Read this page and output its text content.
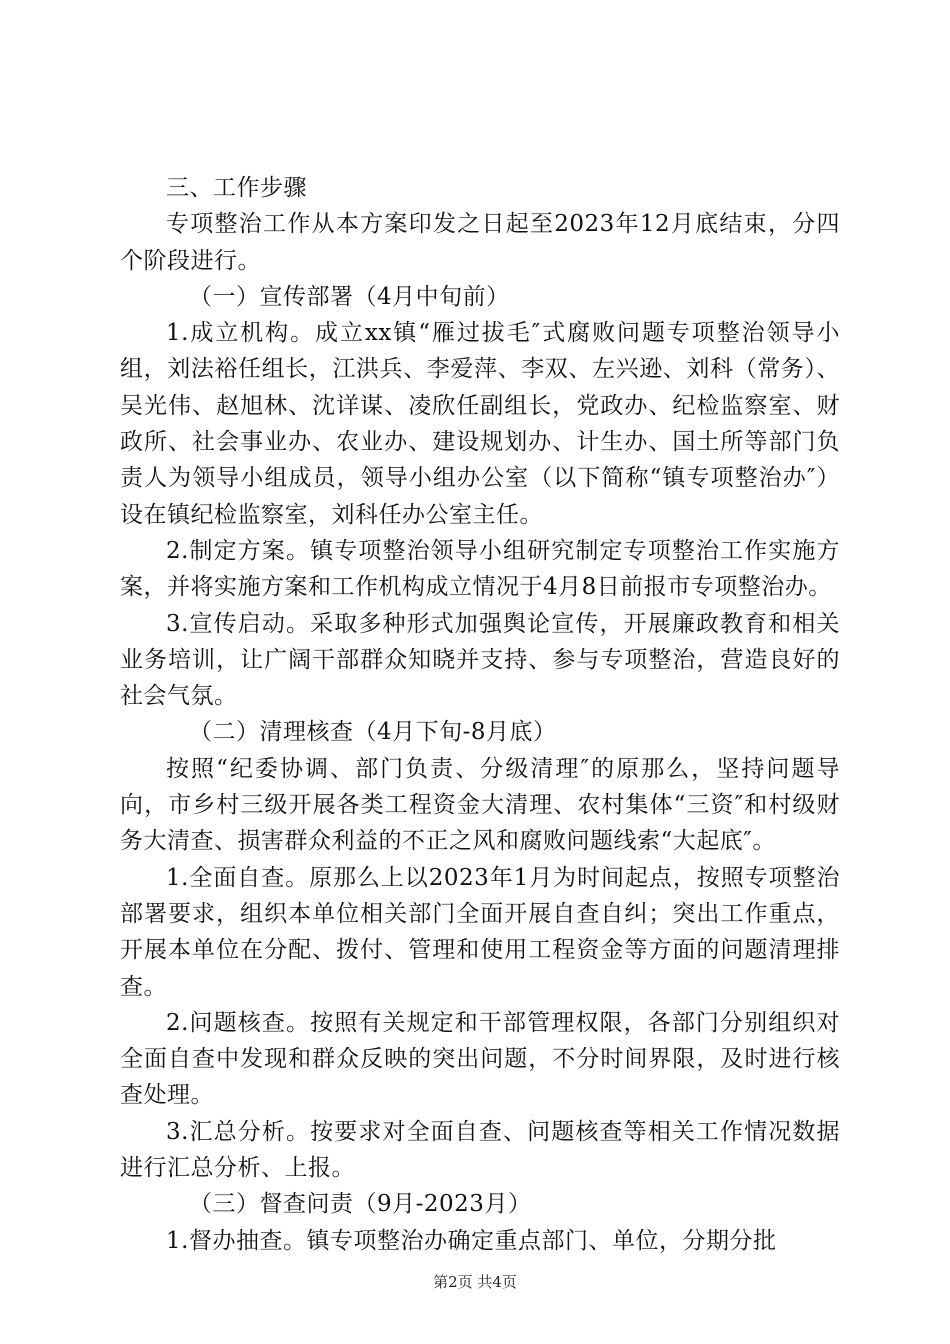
三、工作步骤

专项整治工作从本方案印发之日起至2023年12月底结束，分四个阶段进行。

（一）宣传部署（4月中旬前）

1.成立机构。成立xx镇“雁过拔毛″式腐败问题专项整治领导小组，刘法裕任组长，江洪兵、李爱萍、李双、左兴逊、刘科（常务）、吴光伟、赵旭林、沈详谋、凌欣任副组长，党政办、纪检监察室、财政所、社会事业办、农业办、建设规划办、计生办、国土所等部门负责人为领导小组成员，领导小组办公室（以下简称“镇专项整治办″）设在镇纪检监察室，刘科任办公室主任。

2.制定方案。镇专项整治领导小组研究制定专项整治工作实施方案，并将实施方案和工作机构成立情况于4月8日前报市专项整治办。

3.宣传启动。采取多种形式加强舆论宣传，开展廉政教育和相关业务培训，让广阔干部群众知晓并支持、参与专项整治，营造良好的社会气氛。

（二）清理核查（4月下旬-8月底）

按照“纪委协调、部门负责、分级清理″的原那么，坚持问题导向，市乡村三级开展各类工程资金大清理、农村集体“三资″和村级财务大清查、损害群众利益的不正之风和腐败问题线索“大起底″。

1.全面自查。原那么上以2023年1月为时间起点，按照专项整治部署要求，组织本单位相关部门全面开展自查自纠；突出工作重点，开展本单位在分配、拨付、管理和使用工程资金等方面的问题清理排查。

2.问题核查。按照有关规定和干部管理权限，各部门分别组织对全面自查中发现和群众反映的突出问题，不分时间界限，及时进行核查处理。

3.汇总分析。按要求对全面自查、问题核查等相关工作情况数据进行汇总分析、上报。

（三）督查问责（9月-2023月）

1.督办抽查。镇专项整治办确定重点部门、单位，分期分批

第2页 共4页
